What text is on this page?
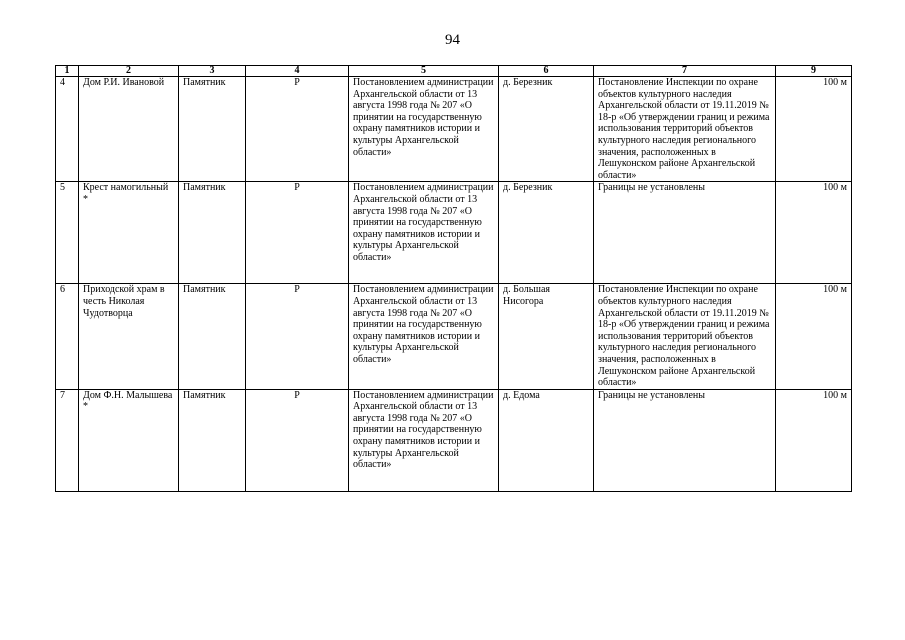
94
1	2	3	4	5	6	7	9
4	Дом Р.И. Ивановой	Памятник	Р	Постановлением администрации Архангельской области от 13 августа 1998 года № 207 «О принятии на государственную охрану памятников истории и культуры Архангельской области»	д. Березник	Постановление Инспекции по охране объектов культурного наследия Архангельской области от 19.11.2019 № 18-р «Об утверждении границ и режима использования территорий объектов культурного наследия регионального значения, расположенных в Лешуконском районе Архангельской области»	100 м
5	Крест намогильный *	Памятник	Р	Постановлением администрации Архангельской области от 13 августа 1998 года № 207 «О принятии на государственную охрану памятников истории и культуры Архангельской области»	д. Березник	Границы не установлены	100 м
6	Приходской храм в честь Николая Чудотворца	Памятник	Р	Постановлением администрации Архангельской области от 13 августа 1998 года № 207 «О принятии на государственную охрану памятников истории и культуры Архангельской области»	д. Большая Нисогора	Постановление Инспекции по охране объектов культурного наследия Архангельской области от 19.11.2019 № 18-р «Об утверждении границ и режима использования территорий объектов культурного наследия регионального значения, расположенных в Лешуконском районе Архангельской области»	100 м
7	Дом Ф.Н. Малышева *	Памятник	Р	Постановлением администрации Архангельской области от 13 августа 1998 года № 207 «О принятии на государственную охрану памятников истории и культуры Архангельской области»	д. Едома	Границы не установлены	100 м
